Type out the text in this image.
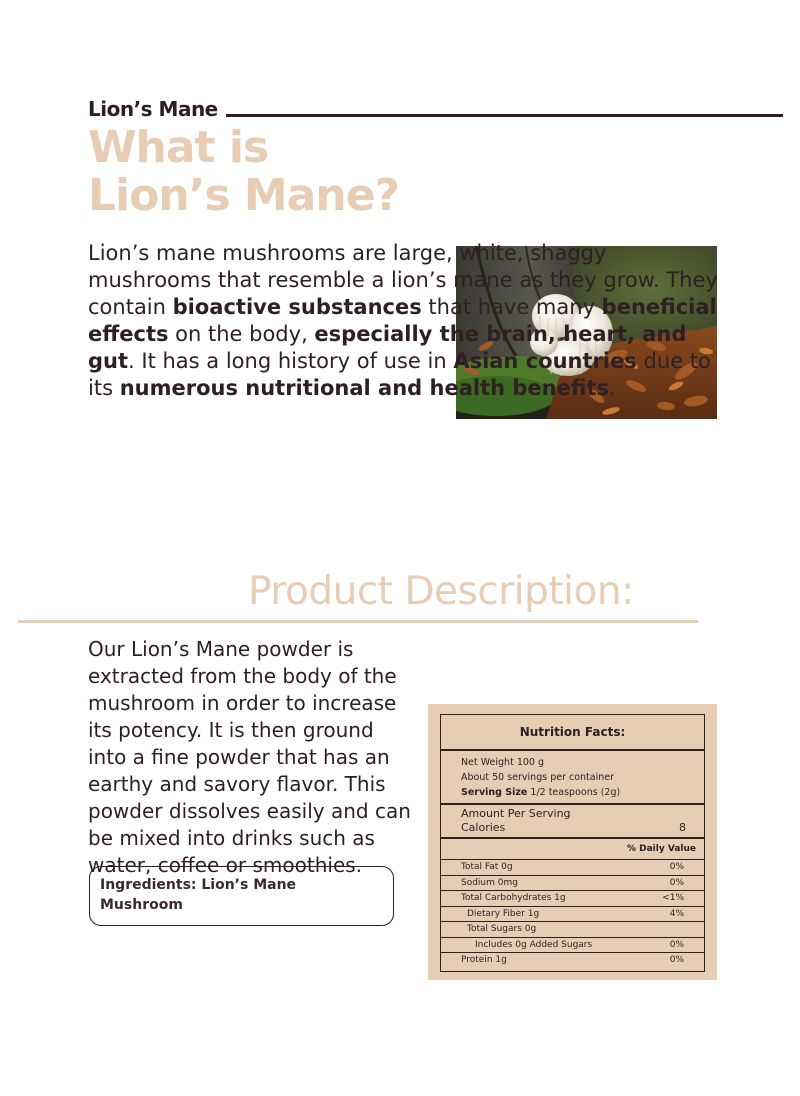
Lion’s Mane
What is
Lion’s Mane?
Lion’s mane mushrooms are large, white, shaggy mushrooms that resemble a lion’s mane as they grow. They contain bioactive substances that have many beneficial effects on the body, especially the brain, heart, and gut. It has a long history of use in Asian countries due to its numerous nutritional and health benefits.
Product Description:
Our Lion’s Mane powder is extracted from the body of the mushroom in order to increase its potency. It is then ground into a fine powder that has an earthy and savory flavor. This powder dissolves easily and can be mixed into drinks such as water, coffee or smoothies.
Ingredients: Lion’s Mane
Mushroom
Nutrition Facts:
Net Weight 100 g
About 50 servings per container
Serving Size 1/2 teaspoons (2g)
Amount Per Serving
Calories	8
% Daily Value
Total Fat 0g	0%
Sodium 0mg	0%
Total Carbohydrates 1g	<1%
Dietary Fiber 1g	4%
Total Sugars 0g
Includes 0g Added Sugars	0%
Protein 1g	0%
